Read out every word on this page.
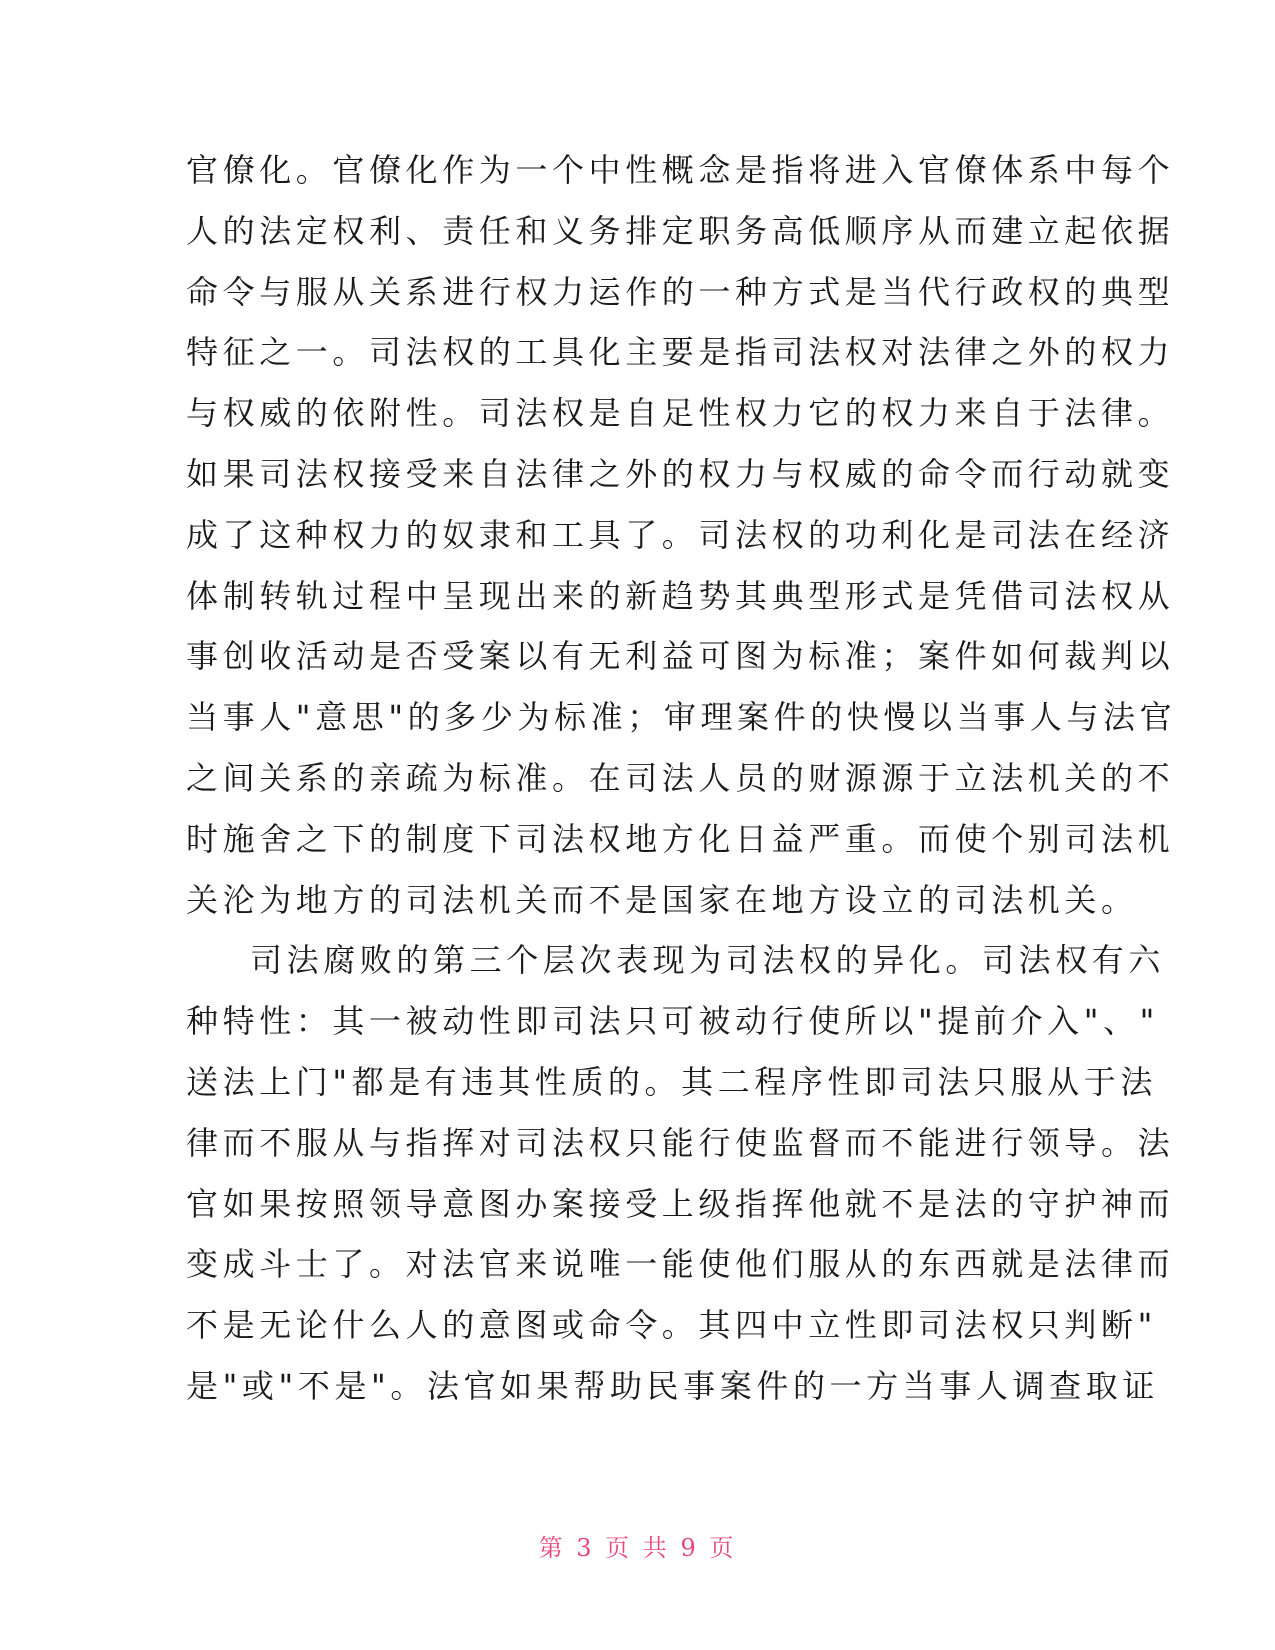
官僚化。官僚化作为一个中性概念是指将进入官僚体系中每个
人的法定权利、责任和义务排定职务高低顺序从而建立起依据
命令与服从关系进行权力运作的一种方式是当代行政权的典型
特征之一。司法权的工具化主要是指司法权对法律之外的权力
与权威的依附性。司法权是自足性权力它的权力来自于法律。
如果司法权接受来自法律之外的权力与权威的命令而行动就变
成了这种权力的奴隶和工具了。司法权的功利化是司法在经济
体制转轨过程中呈现出来的新趋势其典型形式是凭借司法权从
事创收活动是否受案以有无利益可图为标准；案件如何裁判以
当事人"意思"的多少为标准；审理案件的快慢以当事人与法官
之间关系的亲疏为标准。在司法人员的财源源于立法机关的不
时施舍之下的制度下司法权地方化日益严重。而使个别司法机
关沦为地方的司法机关而不是国家在地方设立的司法机关。
司法腐败的第三个层次表现为司法权的异化。司法权有六
种特性：其一被动性即司法只可被动行使所以"提前介入"、"
送法上门"都是有违其性质的。其二程序性即司法只服从于法
律而不服从与指挥对司法权只能行使监督而不能进行领导。法
官如果按照领导意图办案接受上级指挥他就不是法的守护神而
变成斗士了。对法官来说唯一能使他们服从的东西就是法律而
不是无论什么人的意图或命令。其四中立性即司法权只判断"
是"或"不是"。法官如果帮助民事案件的一方当事人调查取证
第 3 页 共 9 页
